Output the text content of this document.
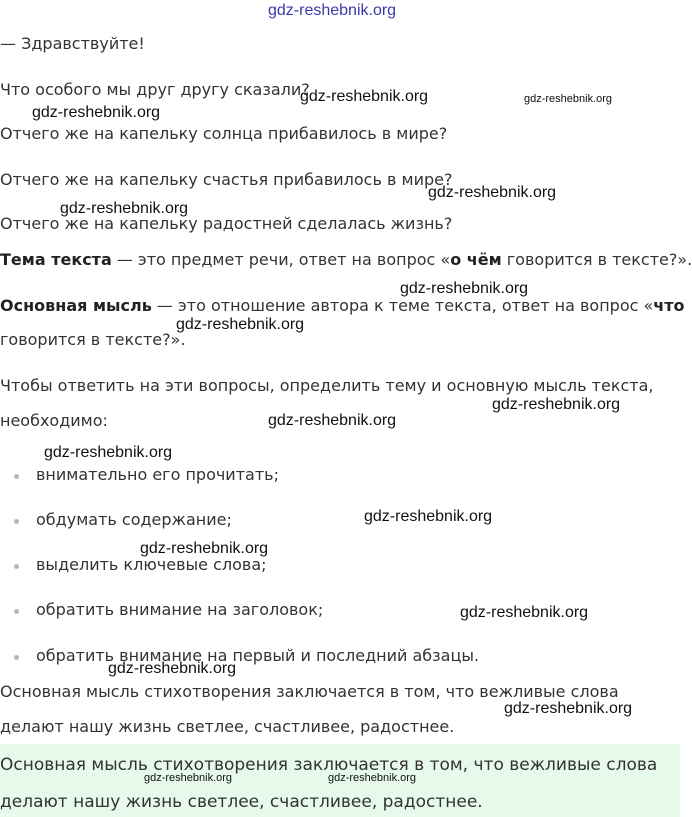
gdz-reshebnik.org
— Здравствуйте!
Что особого мы друг другу сказали?
Отчего же на капельку солнца прибавилось в мире?
Отчего же на капельку счастья прибавилось в мире?
Отчего же на капельку радостней сделалась жизнь?
Тема текста — это предмет речи, ответ на вопрос «о чём говорится в тексте?».
Основная мысль — это отношение автора к теме текста, ответ на вопрос «что
говорится в тексте?».
Чтобы ответить на эти вопросы, определить тему и основную мысль текста,
необходимо:
внимательно его прочитать;
обдумать содержание;
выделить ключевые слова;
обратить внимание на заголовок;
обратить внимание на первый и последний абзацы.
Основная мысль стихотворения заключается в том, что вежливые слова
делают нашу жизнь светлее, счастливее, радостнее.
Основная мысль стихотворения заключается в том, что вежливые слова
делают нашу жизнь светлее, счастливее, радостнее.
gdz-reshebnik.org	gdz-reshebnik.org
gdz-reshebnik.org
gdz-reshebnik.org
gdz-reshebnik.org
gdz-reshebnik.org
gdz-reshebnik.org
gdz-reshebnik.org
gdz-reshebnik.org
gdz-reshebnik.org
gdz-reshebnik.org
gdz-reshebnik.org
gdz-reshebnik.org
gdz-reshebnik.org
gdz-reshebnik.org
gdz-reshebnik.org	gdz-reshebnik.org
